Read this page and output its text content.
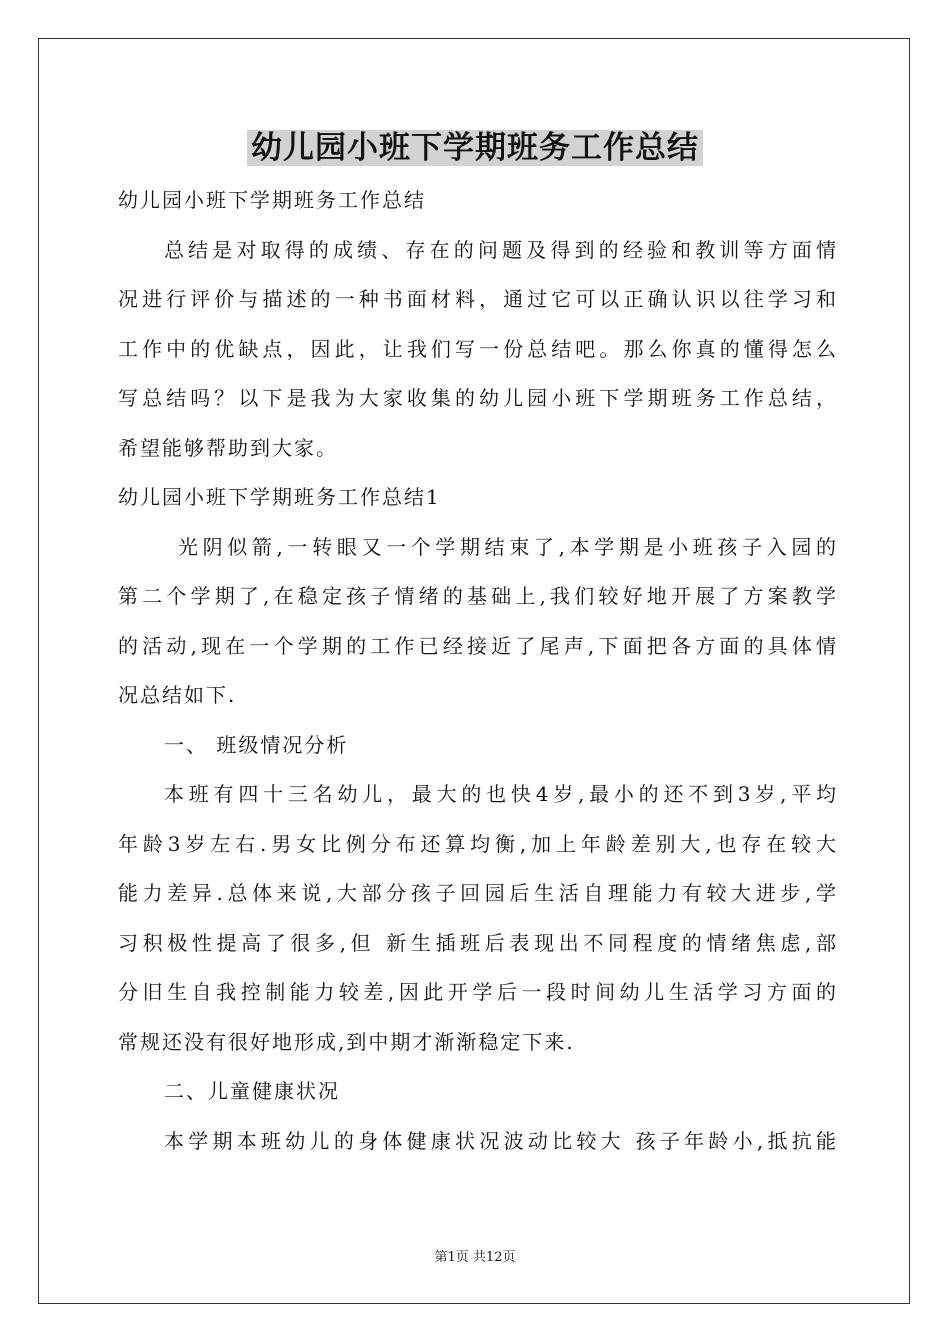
幼儿园小班下学期班务工作总结
幼儿园小班下学期班务工作总结
总结是对取得的成绩、存在的问题及得到的经验和教训等方面情
况进行评价与描述的一种书面材料，通过它可以正确认识以往学习和
工作中的优缺点，因此，让我们写一份总结吧。那么你真的懂得怎么
写总结吗？以下是我为大家收集的幼儿园小班下学期班务工作总结，
希望能够帮助到大家。
幼儿园小班下学期班务工作总结1
光阴似箭,一转眼又一个学期结束了,本学期是小班孩子入园的
第二个学期了,在稳定孩子情绪的基础上,我们较好地开展了方案教学
的活动,现在一个学期的工作已经接近了尾声,下面把各方面的具体情
况总结如下.
一、 班级情况分析
本班有四十三名幼儿，最大的也快4岁,最小的还不到3岁,平均
年龄3岁左右.男女比例分布还算均衡,加上年龄差别大,也存在较大
能力差异.总体来说,大部分孩子回园后生活自理能力有较大进步,学
习积极性提高了很多,但 新生插班后表现出不同程度的情绪焦虑,部
分旧生自我控制能力较差,因此开学后一段时间幼儿生活学习方面的
常规还没有很好地形成,到中期才渐渐稳定下来.
二、儿童健康状况
本学期本班幼儿的身体健康状况波动比较大 孩子年龄小,抵抗能
第1页 共12页
